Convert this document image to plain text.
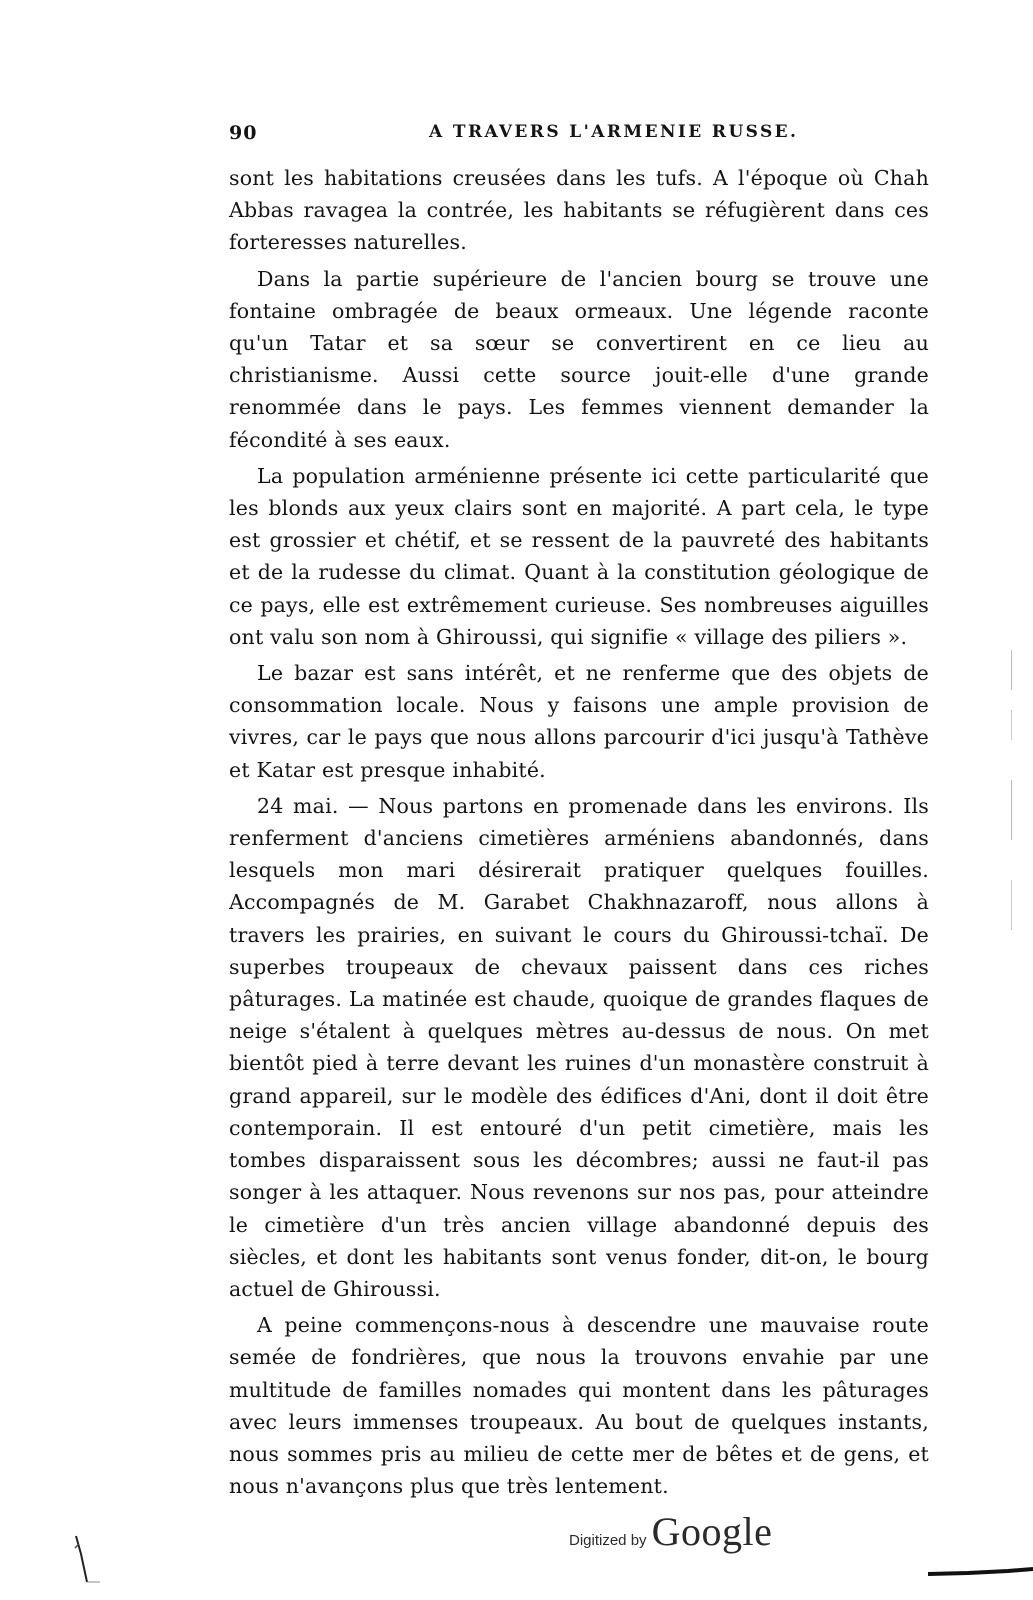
90	A TRAVERS L'ARMENIE RUSSE.

sont les habitations creusées dans les tufs. A l'époque où Chah Abbas ravagea la contrée, les habitants se réfugièrent dans ces forteresses naturelles.

Dans la partie supérieure de l'ancien bourg se trouve une fontaine ombragée de beaux ormeaux. Une légende raconte qu'un Tatar et sa sœur se convertirent en ce lieu au christianisme. Aussi cette source jouit-elle d'une grande renommée dans le pays. Les femmes viennent demander la fécondité à ses eaux.

La population arménienne présente ici cette particularité que les blonds aux yeux clairs sont en majorité. A part cela, le type est grossier et chétif, et se ressent de la pauvreté des habitants et de la rudesse du climat. Quant à la constitution géologique de ce pays, elle est extrêmement curieuse. Ses nombreuses aiguilles ont valu son nom à Ghiroussi, qui signifie « village des piliers ».

Le bazar est sans intérêt, et ne renferme que des objets de consommation locale. Nous y faisons une ample provision de vivres, car le pays que nous allons parcourir d'ici jusqu'à Tathève et Katar est presque inhabité.

24 mai. — Nous partons en promenade dans les environs. Ils renferment d'anciens cimetières arméniens abandonnés, dans lesquels mon mari désirerait pratiquer quelques fouilles. Accompagnés de M. Garabet Chakhnazaroff, nous allons à travers les prairies, en suivant le cours du Ghiroussi-tchaï. De superbes troupeaux de chevaux paissent dans ces riches pâturages. La matinée est chaude, quoique de grandes flaques de neige s'étalent à quelques mètres au-dessus de nous. On met bientôt pied à terre devant les ruines d'un monastère construit à grand appareil, sur le modèle des édifices d'Ani, dont il doit être contemporain. Il est entouré d'un petit cimetière, mais les tombes disparaissent sous les décombres; aussi ne faut-il pas songer à les attaquer. Nous revenons sur nos pas, pour atteindre le cimetière d'un très ancien village abandonné depuis des siècles, et dont les habitants sont venus fonder, dit-on, le bourg actuel de Ghiroussi.

A peine commençons-nous à descendre une mauvaise route semée de fondrières, que nous la trouvons envahie par une multitude de familles nomades qui montent dans les pâturages avec leurs immenses troupeaux. Au bout de quelques instants, nous sommes pris au milieu de cette mer de bêtes et de gens, et nous n'avançons plus que très lentement.

Digitized by Google
